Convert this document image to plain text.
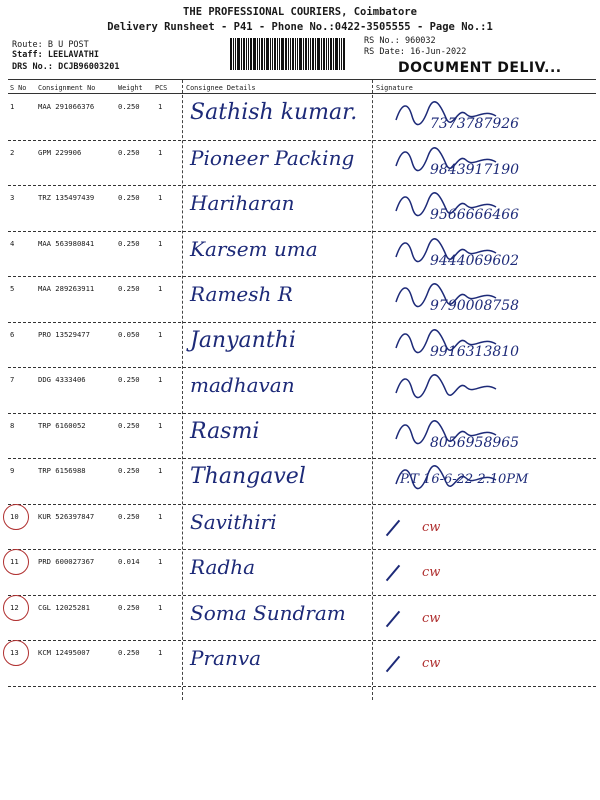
THE PROFESSIONAL COURIERS, Coimbatore
Delivery Runsheet - P41 - Phone No.:0422-3505555 - Page No.:1
Route: B U POST
Staff: LEELAVATHI
DRS No.: DCJB96003201
RS No.: 960032
RS Date: 16-Jun-2022
DOCUMENT DELIV...
S No Consignment No	Weight PCS	Consignee Details	Signature
1	MAA 291066376	0.250	1 Sathish kumar.	7373787926
2	GPM 229906	0.250	1 Pioneer Packing	9843917190
3	TRZ 135497439	0.250	1 Hariharan	9566666466
4	MAA 563980841	0.250	1 Karsem uma	9444069602
5	MAA 289263911	0.250	1 Ramesh R	9790008758
6	PRO 13529477	0.050	1 Janyanthi	9916313810
7	DDG 4333406	0.250	1 madhavan
8	TRP 6160052	0.250	1 Rasmi	8056958965
9	TRP 6156988	0.250	1 Thangavel	P.T 16-6-22 2.10PM
10	KUR 526397847	0.250	1 Savithiri	cw
11	PRD 600027367	0.014	1 Radha	cw
12	CGL 12025281	0.250	1 Soma Sundram	cw
13	KCM 12495007	0.250	1 Pranva	cw
